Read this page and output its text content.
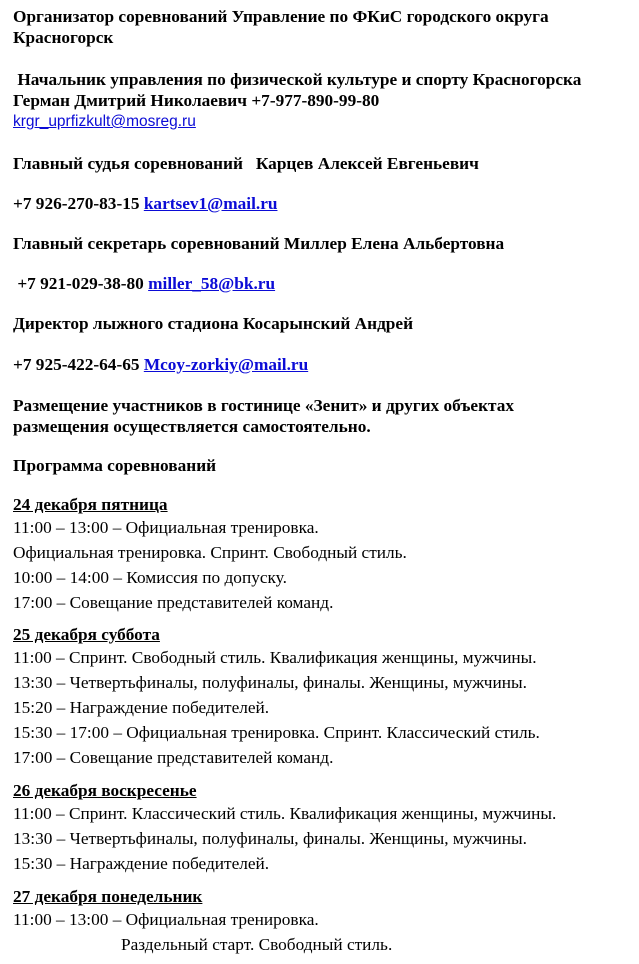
Организатор соревнований Управление по ФКиС городского округа
Красногорск
Начальник управления по физической культуре и спорту Красногорска
Герман Дмитрий Николаевич +7-977-890-99-80
krgr_uprfizkult@mosreg.ru
Главный судья соревнований   Карцев Алексей Евгеньевич
+7 926-270-83-15 kartsev1@mail.ru
Главный секретарь соревнований Миллер Елена Альбертовна
+7 921-029-38-80 miller_58@bk.ru
Директор лыжного стадиона Косарынский Андрей
+7 925-422-64-65 Mcoy-zorkiy@mail.ru
Размещение участников в гостинице «Зенит» и других объектах
размещения осуществляется самостоятельно.
Программа соревнований
24 декабря пятница
11:00 – 13:00 – Официальная тренировка.
Официальная тренировка. Спринт. Свободный стиль.
10:00 – 14:00 – Комиссия по допуску.
17:00 – Совещание представителей команд.
25 декабря суббота
11:00 – Спринт. Свободный стиль. Квалификация женщины, мужчины.
13:30 – Четвертьфиналы, полуфиналы, финалы. Женщины, мужчины.
15:20 – Награждение победителей.
15:30 – 17:00 – Официальная тренировка. Спринт. Классический стиль.
17:00 – Совещание представителей команд.
26 декабря воскресенье
11:00 – Спринт. Классический стиль. Квалификация женщины, мужчины.
13:30 – Четвертьфиналы, полуфиналы, финалы. Женщины, мужчины.
15:30 – Награждение победителей.
27 декабря понедельник
11:00 – 13:00 – Официальная тренировка.
Раздельный старт. Свободный стиль.
